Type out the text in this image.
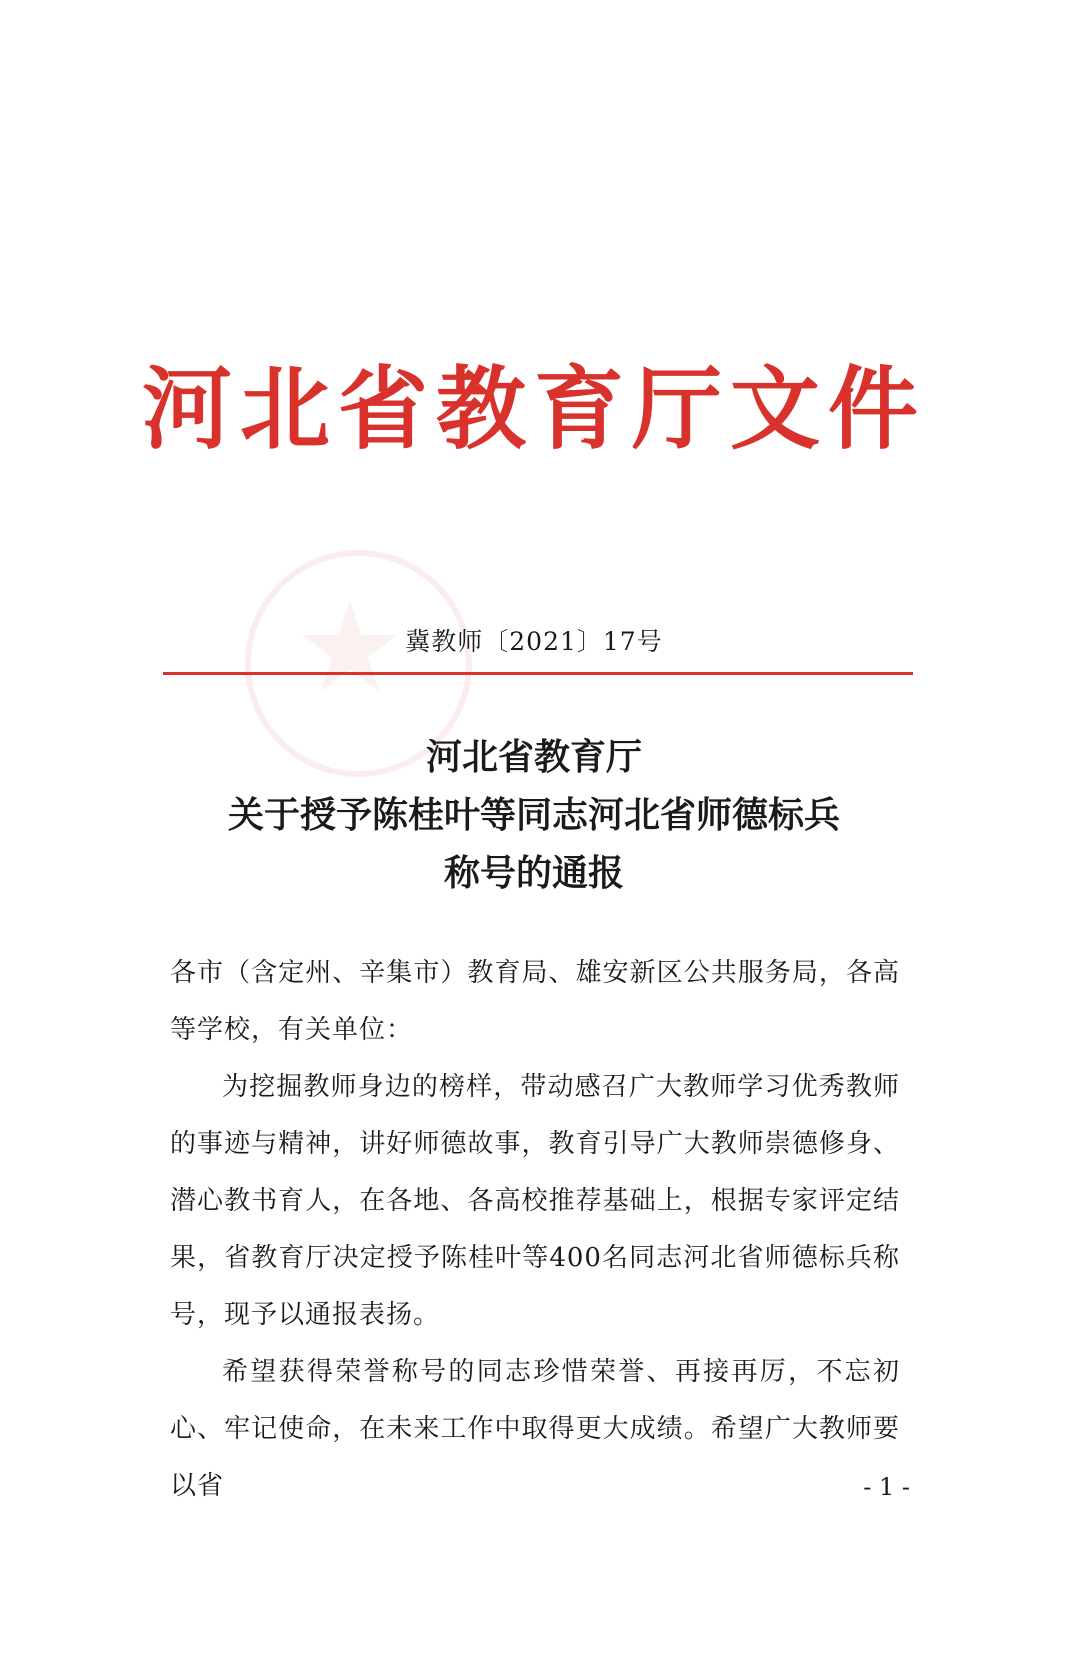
河北省教育厅文件
冀教师〔2021〕17号
河北省教育厅
关于授予陈桂叶等同志河北省师德标兵
称号的通报

各市（含定州、辛集市）教育局、雄安新区公共服务局，各高等学校，有关单位：

为挖掘教师身边的榜样，带动感召广大教师学习优秀教师的事迹与精神，讲好师德故事，教育引导广大教师崇德修身、潜心教书育人，在各地、各高校推荐基础上，根据专家评定结果，省教育厅决定授予陈桂叶等400名同志河北省师德标兵称号，现予以通报表扬。

希望获得荣誉称号的同志珍惜荣誉、再接再厉，不忘初心、牢记使命，在未来工作中取得更大成绩。希望广大教师要以省	- 1 -
